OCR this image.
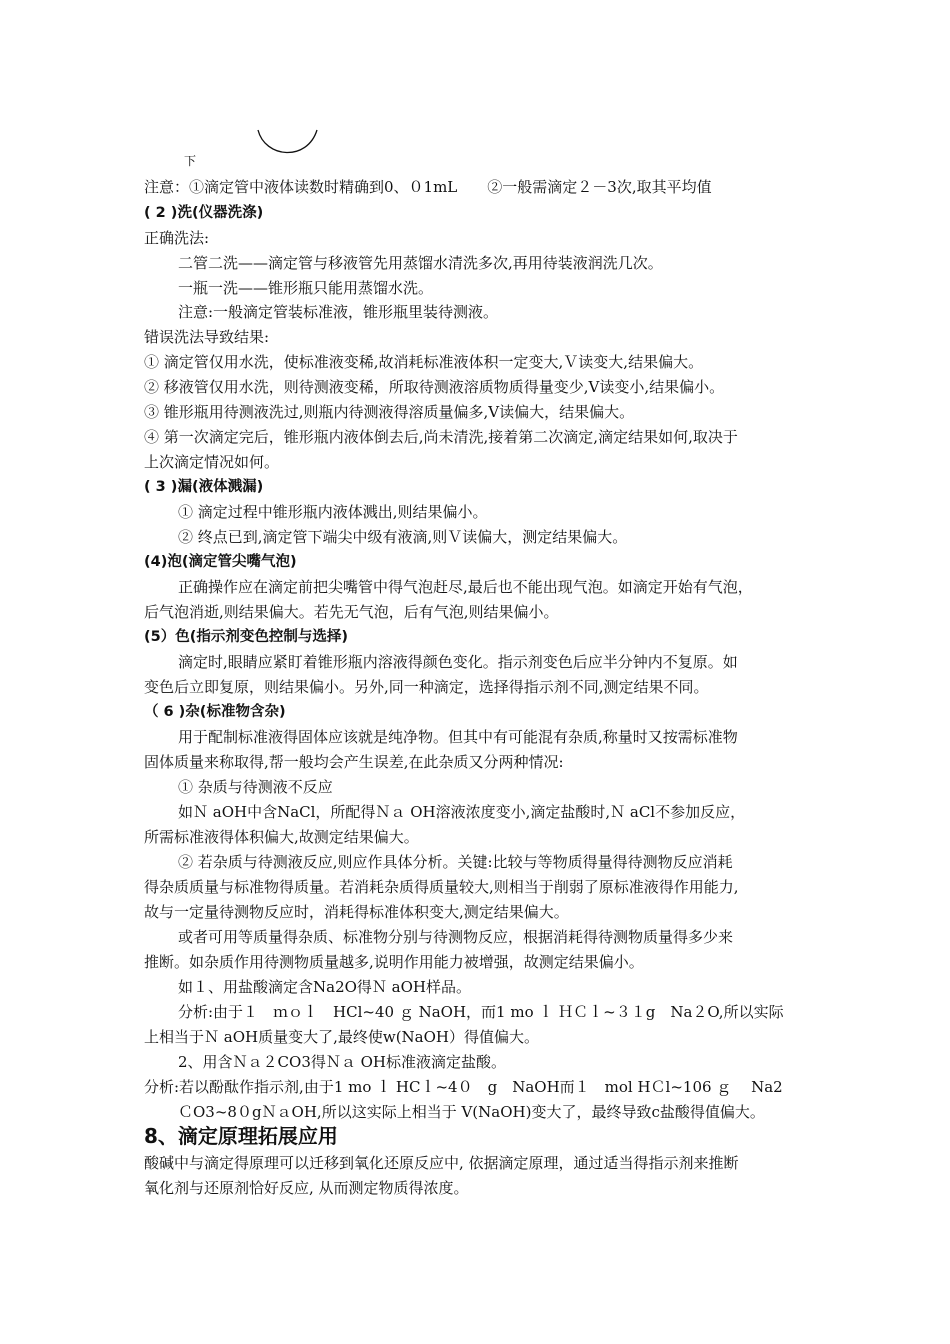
下
注意：①滴定管中液体读数时精确到0、０1mL　　②一般需滴定２－3次,取其平均值
( 2 )洗(仪器洗涤)
正确洗法:
二管二洗——滴定管与移液管先用蒸馏水清洗多次,再用待装液润洗几次。
一瓶一洗——锥形瓶只能用蒸馏水洗。
注意:一般滴定管装标准液，锥形瓶里装待测液。
错误洗法导致结果:
① 滴定管仅用水洗，使标准液变稀,故消耗标准液体积一定变大,Ｖ读变大,结果偏大。
② 移液管仅用水洗，则待测液变稀，所取待测液溶质物质得量变少,V读变小,结果偏小。
③ 锥形瓶用待测液洗过,则瓶内待测液得溶质量偏多,V读偏大，结果偏大。
④ 第一次滴定完后，锥形瓶内液体倒去后,尚未清洗,接着第二次滴定,滴定结果如何,取决于
上次滴定情况如何。
( 3 )漏(液体溅漏)
① 滴定过程中锥形瓶内液体溅出,则结果偏小。
② 终点已到,滴定管下端尖中级有液滴,则Ｖ读偏大，测定结果偏大。
(4)泡(滴定管尖嘴气泡)
正确操作应在滴定前把尖嘴管中得气泡赶尽,最后也不能出现气泡。如滴定开始有气泡，
后气泡消逝,则结果偏大。若先无气泡，后有气泡,则结果偏小。
(5）色(指示剂变色控制与选择)
滴定时,眼睛应紧盯着锥形瓶内溶液得颜色变化。指示剂变色后应半分钟内不复原。如
变色后立即复原，则结果偏小。另外,同一种滴定，选择得指示剂不同,测定结果不同。
（ 6 )杂(标准物含杂)
用于配制标准液得固体应该就是纯净物。但其中有可能混有杂质,称量时又按需标准物
固体质量来称取得,帮一般均会产生误差,在此杂质又分两种情况:
① 杂质与待测液不反应
如Ｎ aOH中含NaCl，所配得Ｎａ OH溶液浓度变小,滴定盐酸时,Ｎ aCl不参加反应，
所需标准液得体积偏大,故测定结果偏大。
② 若杂质与待测液反应,则应作具体分析。关键:比较与等物质得量得待测物反应消耗
得杂质质量与标准物得质量。若消耗杂质得质量较大,则相当于削弱了原标准液得作用能力,
故与一定量待测物反应时，消耗得标准体积变大,测定结果偏大。
或者可用等质量得杂质、标准物分别与待测物反应，根据消耗得待测物质量得多少来
推断。如杂质作用待测物质量越多,说明作用能力被增强，故测定结果偏小。
如１、用盐酸滴定含Na2O得Ｎ aOH样品。
分析:由于１　ｍｏｌ　HCl~40 ｇ NaOH，而1 mo ｌ ＨＣｌ~３１g　Na２O,所以实际
上相当于Ｎ aOH质量变大了,最终使w(NaOH）得值偏大。
2、用含Ｎａ２CO3得Ｎａ OH标准液滴定盐酸。
分析:若以酚酞作指示剂,由于1 mo ｌ HCｌ~4０　g　NaOH而１　mol HＣl~106 ｇ　 Na2
ＣO3~8０gＮａOH,所以这实际上相当于 V(NaOH)变大了，最终导致c盐酸得值偏大。
8、滴定原理拓展应用
酸碱中与滴定得原理可以迁移到氧化还原反应中, 依据滴定原理，通过适当得指示剂来推断
氧化剂与还原剂恰好反应, 从而测定物质得浓度。
